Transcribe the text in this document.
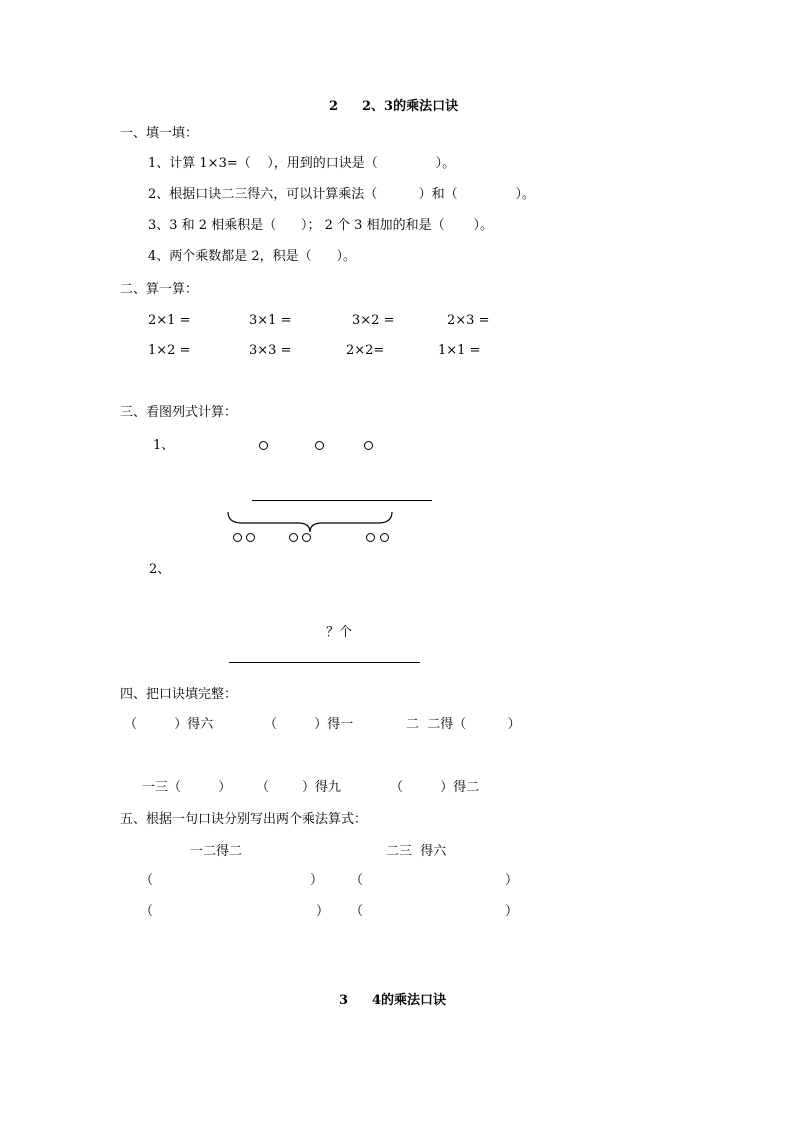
2 2、3的乘法口诀
一、填一填：
1、计算 1×3=（    ），用到的口诀是（              ）。
2、根据口诀二三得六，可以计算乘法（          ）和（              ）。
3、3 和 2 相乘积是（      ）； 2 个 3 相加的和是（       ）。
4、两个乘数都是 2，积是（      ）。
二、算一算：
2×1 =	3×1 =	3×2 =	2×3 =
1×2 =	3×3 =	2×2=	1×1 =
三、看图列式计算：
1、
2、
？个
四、把口诀填完整：
（         ）得六	（         ）得一	二  二得（          ）
一三（         ） （        ）得九	（         ）得二
五、根据一句口诀分别写出两个乘法算式：
一二得二	二三  得六
（	） （	）
（	） （	）
3 4的乘法口诀
